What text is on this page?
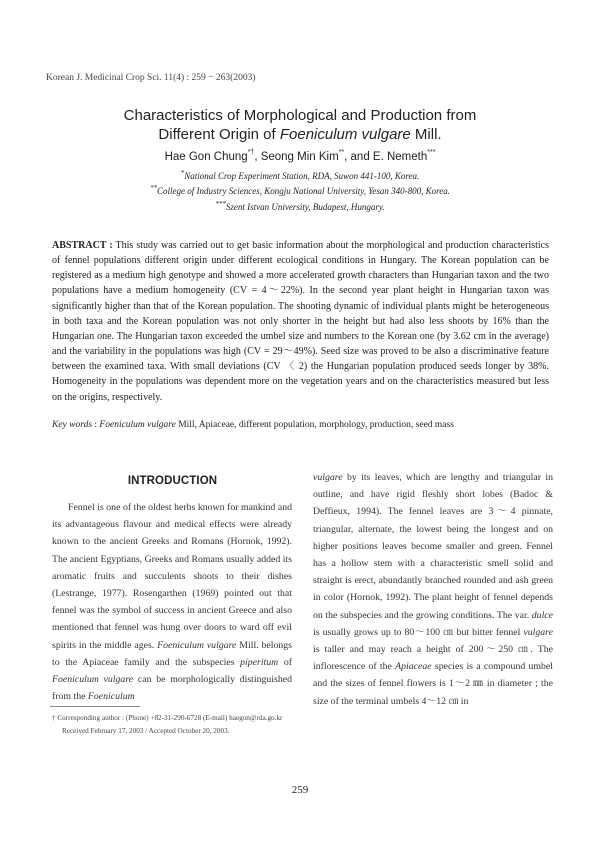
Korean J. Medicinal Crop Sci. 11(4) : 259 − 263(2003)
Characteristics of Morphological and Production from
Different Origin of Foeniculum vulgare Mill.
Hae Gon Chung*†, Seong Min Kim**, and E. Nemeth***
*National Crop Experiment Station, RDA, Suwon 441-100, Korea.
**College of Industry Sciences, Kongju National University, Yesan 340-800, Korea.
***Szent Istvan University, Budapest, Hungary.
ABSTRACT : This study was carried out to get basic information about the morphological and production characteristics of fennel populations different origin under different ecological conditions in Hungary. The Korean population can be registered as a medium high genotype and showed a more accelerated growth characters than Hungarian taxon and the two populations have a medium homogeneity (CV = 4〜22%). In the second year plant height in Hungarian taxon was significantly higher than that of the Korean population. The shooting dynamic of individual plants might be heterogeneous in both taxa and the Korean population was not only shorter in the height but had also less shoots by 16% than the Hungarian one. The Hungarian taxon exceeded the umbel size and numbers to the Korean one (by 3.62 cm in the average) and the variability in the populations was high (CV = 29〜49%). Seed size was proved to be also a discriminative feature between the examined taxa. With small deviations (CV 〈 2) the Hungarian population produced seeds longer by 38%. Homogeneity in the populations was dependent more on the vegetation years and on the characteristics measured but less on the origins, respectively.
Key words : Foeniculum vulgare Mill, Apiaceae, different population, morphology, production, seed mass
INTRODUCTION
Fennel is one of the oldest herbs known for mankind and its advantageous flavour and medical effects were already known to the ancient Greeks and Romans (Hornok, 1992). The ancient Egyptians, Greeks and Romans usually added its aromatic fruits and succulents shoots to their dishes (Lestrange, 1977). Rosengarthen (1969) pointed out that fennel was the symbol of success in ancient Greece and also mentioned that fennel was hung over doors to ward off evil spirits in the middle ages. Foeniculum vulgare Mill. belongs to the Apiaceae family and the subspecies piperitum of Foeniculum vulgare can be morphologically distinguished from the Foeniculum
vulgare by its leaves, which are lengthy and triangular in outline, and have rigid fleshly short lobes (Badoc & Deffieux, 1994). The fennel leaves are 3〜4 pinnate, triangular, alternate, the lowest being the longest and on higher positions leaves become smaller and green. Fennel has a hollow stem with a characteristic smell solid and straight is erect, abundantly branched rounded and ash green in color (Hornok, 1992). The plant height of fennel depends on the subspecies and the growing conditions. The var. dulce is usually grows up to 80〜100 ㎝ but bitter fennel vulgare is taller and may reach a height of 200〜250 ㎝. The inflorescence of the Apiaceae species is a compound umbel and the sizes of fennel flowers is 1〜2 ㎜ in diameter ; the size of the terminal umbels 4〜12 ㎝ in
† Corresponding author : (Phone) +82-31-290-6728 (E-mail) haegon@rda.go.kr
Received February 17, 2003 / Accepted October 20, 2003.
259
